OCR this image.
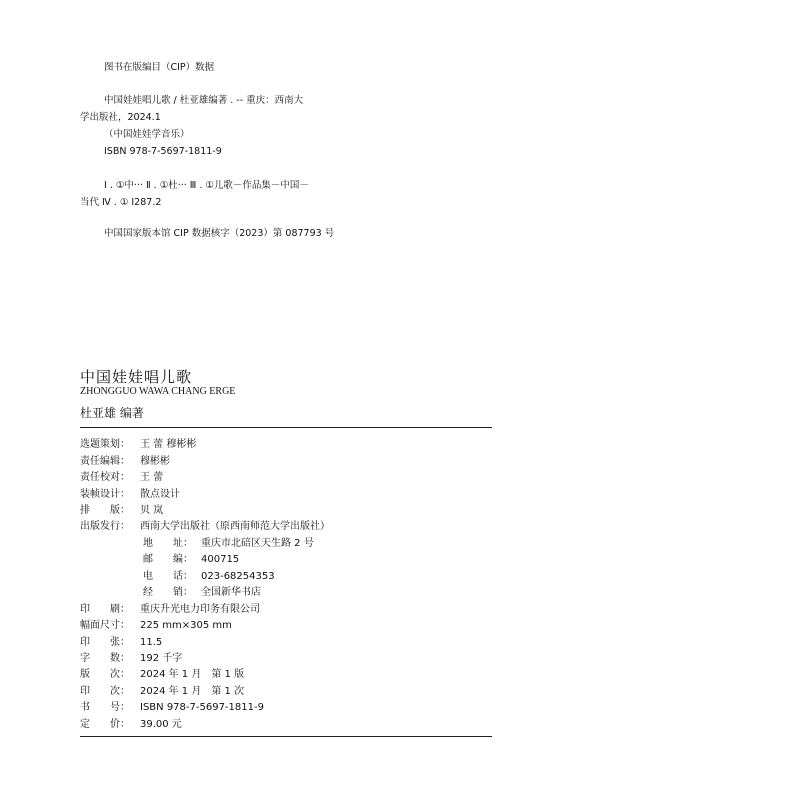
图书在版编目（CIP）数据
中国娃娃唱儿歌 / 杜亚雄编著 . -- 重庆：西南大
学出版社，2024.1
（中国娃娃学音乐）
ISBN 978-7-5697-1811-9
Ⅰ . ①中··· Ⅱ . ①杜··· Ⅲ . ①儿歌－作品集－中国－
当代 Ⅳ . ① I287.2
中国国家版本馆 CIP 数据核字（2023）第 087793 号
中国娃娃唱儿歌
ZHONGGUO WAWA CHANG ERGE
杜亚雄 编著
选题策划： 王 蕾 穆彬彬
责任编辑： 穆彬彬
责任校对： 王 蕾
装帧设计： 散点设计
排　　版： 贝 岚
出版发行： 西南大学出版社（原西南师范大学出版社）
地　　址： 重庆市北碚区天生路 2 号
邮　　编： 400715
电　　话： 023-68254353
经　　销： 全国新华书店
印　　刷： 重庆升光电力印务有限公司
幅面尺寸： 225 mm×305 mm
印　　张： 11.5
字　　数： 192 千字
版　　次： 2024 年 1 月　第 1 版
印　　次： 2024 年 1 月　第 1 次
书　　号： ISBN 978-7-5697-1811-9
定　　价： 39.00 元
